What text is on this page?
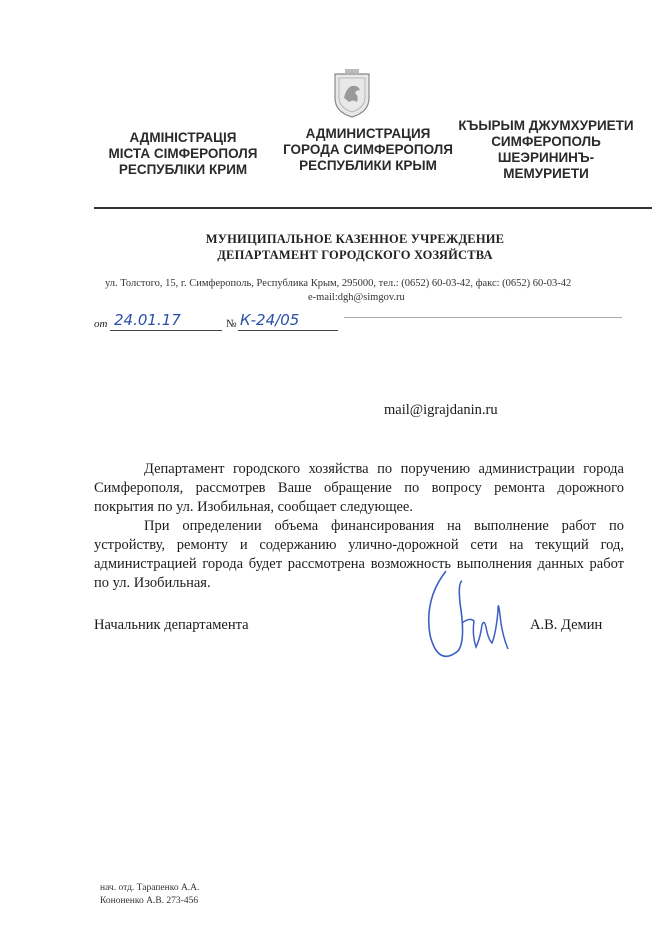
АДМІНІСТРАЦІЯ
МІСТА СІМФЕРОПОЛЯ
РЕСПУБЛІКИ КРИМ
АДМИНИСТРАЦИЯ
ГОРОДА СИМФЕРОПОЛЯ
РЕСПУБЛИКИ КРЫМ
КЪЫРЫМ ДЖУМХУРИЕТИ
СИМФЕРОПОЛЬ
ШЕЭРИНИНЪ-
МЕМУРИЕТИ
МУНИЦИПАЛЬНОЕ КАЗЕННОЕ УЧРЕЖДЕНИЕ
ДЕПАРТАМЕНТ ГОРОДСКОГО ХОЗЯЙСТВА
ул. Толстого, 15, г. Симферополь, Республика Крым, 295000, тел.: (0652) 60-03-42, факс: (0652) 60-03-42
e-mail:dgh@simgov.ru
от 24.01.17	№ К-24/05
mail@igrajdanin.ru
Департамент городского хозяйства по поручению администрации города Симферополя, рассмотрев Ваше обращение по вопросу ремонта дорожного покрытия по ул. Изобильная, сообщает следующее.
При определении объема финансирования на выполнение работ по устройству, ремонту и содержанию улично-дорожной сети на текущий год, администрацией города будет рассмотрена возможность выполнения данных работ по ул. Изобильная.
Начальник департамента	А.В. Демин
нач. отд. Тарапенко А.А.
Кононенко А.В. 273-456
